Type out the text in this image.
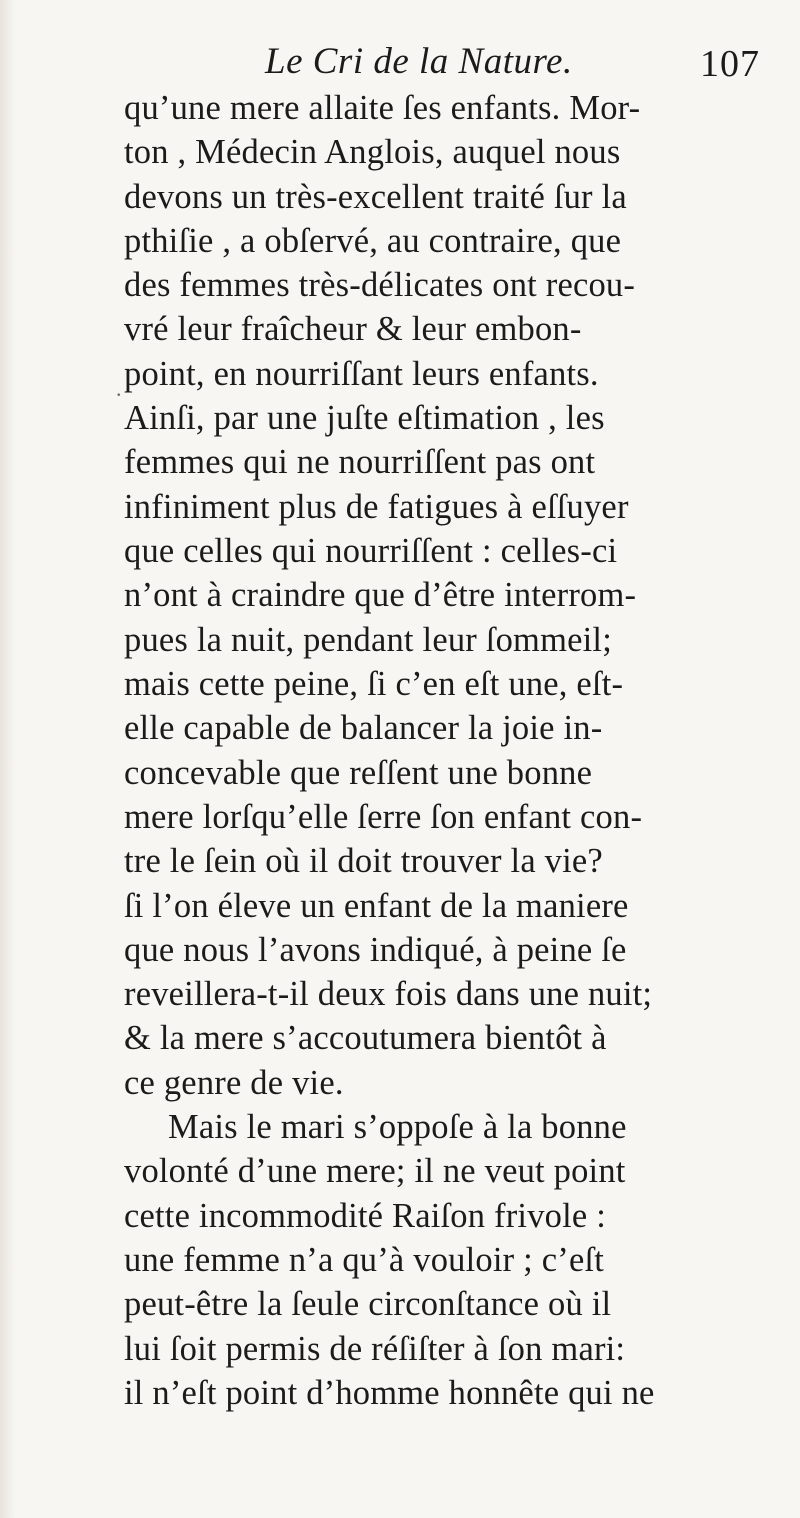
Le Cri de la Nature.	107
.
qu’une mere allaite ſes enfants. Mor-
ton , Médecin Anglois, auquel nous
devons un très-excellent traité ſur la
pthiſie , a obſervé, au contraire, que
des femmes très-délicates ont recou-
vré leur fraîcheur & leur embon-
point, en nourriſſant leurs enfants.
Ainſi, par une juſte eſtimation , les
femmes qui ne nourriſſent pas ont
infiniment plus de fatigues à eſſuyer
que celles qui nourriſſent : celles-ci
n’ont à craindre que d’être interrom-
pues la nuit, pendant leur ſommeil;
mais cette peine, ſi c’en eſt une, eſt-
elle capable de balancer la joie in-
concevable que reſſent une bonne
mere lorſqu’elle ſerre ſon enfant con-
tre le ſein où il doit trouver la vie?
ſi l’on éleve un enfant de la maniere
que nous l’avons indiqué, à peine ſe
reveillera-t-il deux fois dans une nuit;
& la mere s’accoutumera bientôt à
ce genre de vie.
Mais le mari s’oppoſe à la bonne
volonté d’une mere; il ne veut point
cette incommodité Raiſon frivole :
une femme n’a qu’à vouloir ; c’eſt
peut-être la ſeule circonſtance où il
lui ſoit permis de réſiſter à ſon mari:
il n’eſt point d’homme honnête qui ne
